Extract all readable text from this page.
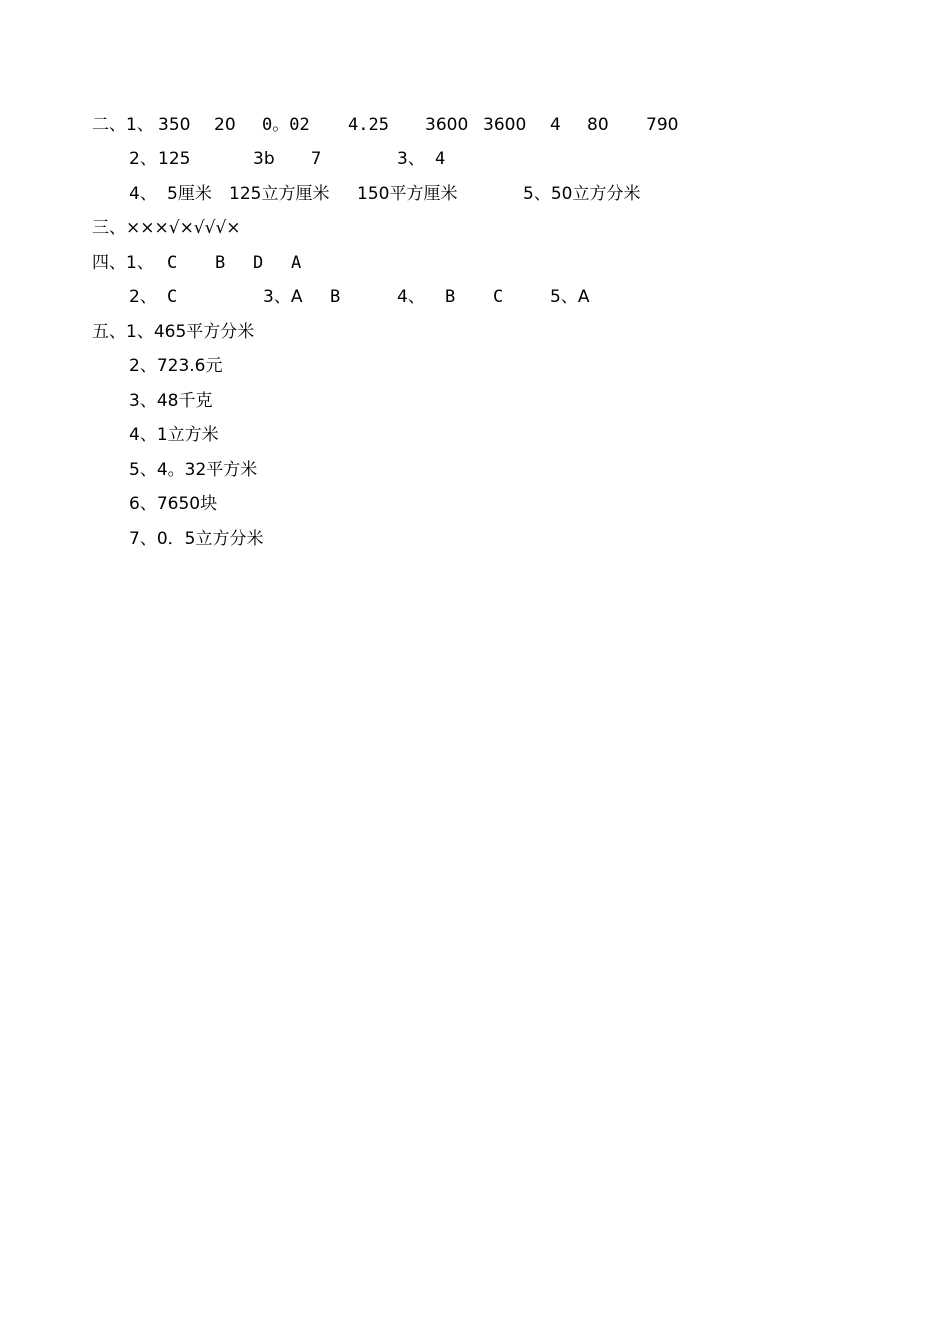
二、1、 350 20 0。02 4.25 3600 3600 4 80 790
2、 125	3b 7	3、 4
4、 5厘米 125立方厘米 150平方厘米	5、50立方分米
三、×××√×√√√×
四、1、 C B D A
2、 C	3、A B	4、 B C	5、A
五、1、465平方分米
2、723.6元
3、48千克
4、1立方米
5、4。32平方米
6、7650块
7、0．5立方分米
